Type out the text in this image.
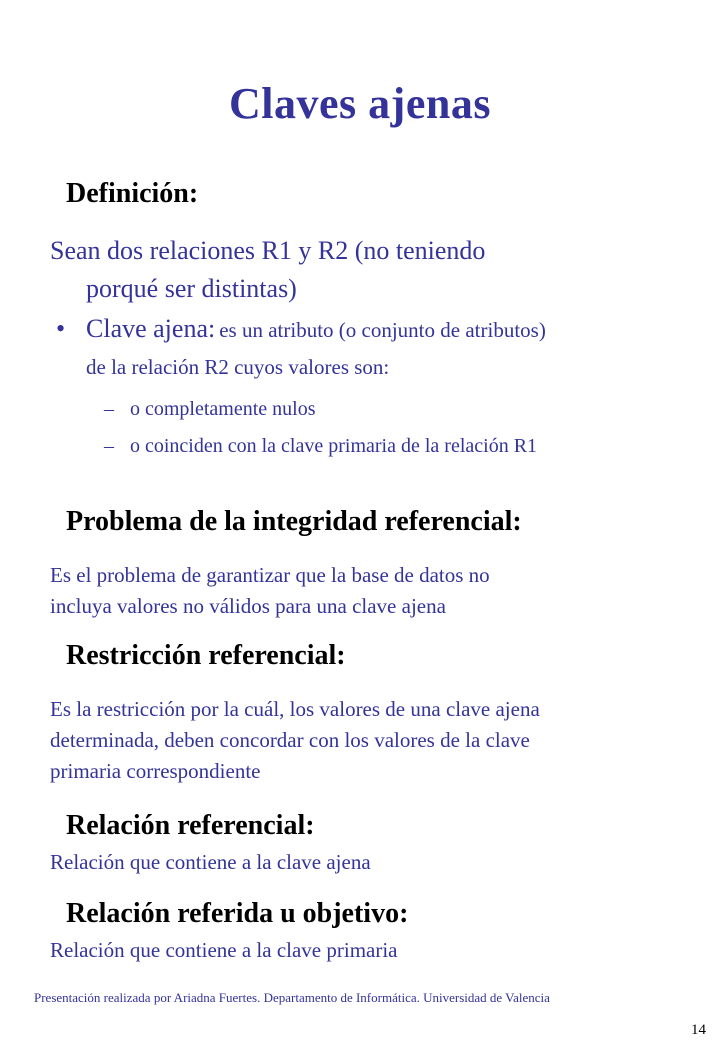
Claves ajenas
Definición:
Sean dos relaciones R1 y R2 (no teniendo
porqué ser distintas)
• Clave ajena: es un atributo (o conjunto de atributos)
de la relación R2 cuyos valores son:
– o completamente nulos
– o coinciden con la clave primaria de la relación R1
Problema de la integridad referencial:
Es el problema de garantizar que la base de datos no
incluya valores no válidos para una clave ajena
Restricción referencial:
Es la restricción por la cuál, los valores de una clave ajena
determinada, deben concordar con los valores de la clave
primaria correspondiente
Relación referencial:
Relación que contiene a la clave ajena
Relación referida u objetivo:
Relación que contiene a la clave primaria
Presentación realizada por Ariadna Fuertes. Departamento de Informática. Universidad de Valencia
14
